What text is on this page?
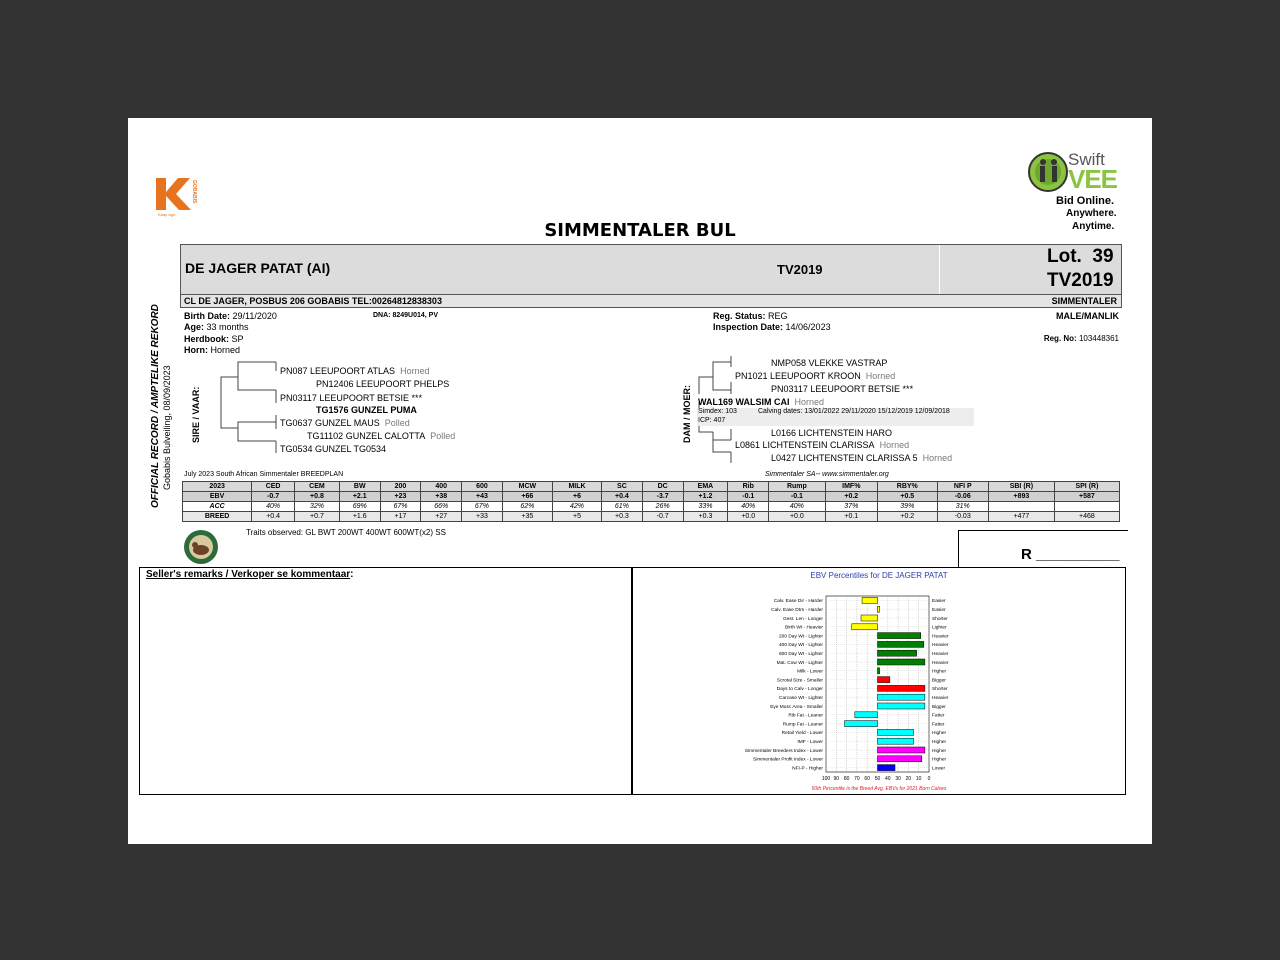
GOBABIS
Kaap Agri
Swift
VEE
Bid Online.
Anywhere.
Anytime.
SIMMENTALER BUL
OFFICIAL RECORD / AMPTELIKE REKORD Gobabis Bulveiling, 08/09/2023
DE JAGER PATAT (AI)	TV2019
Lot. 39
TV2019
CL DE JAGER, POSBUS 206 GOBABIS TEL:00264812838303	SIMMENTALER
Birth Date: 29/11/2020	DNA: 8249U014, PV
Age: 33 months
Herdbook: SP
Horn: Horned
Reg. Status: REG
Inspection Date: 14/06/2023
MALE/MANLIK
Reg. No: 103448361
SIRE / VAAR:	DAM / MOER:
PN087 LEEUPOORT ATLAS Horned
PN12406 LEEUPOORT PHELPS
PN03117 LEEUPOORT BETSIE ***
TG1576 GUNZEL PUMA
TG0637 GUNZEL MAUS Polled
TG11102 GUNZEL CALOTTA Polled
TG0534 GUNZEL TG0534
NMP058 VLEKKE VASTRAP
PN1021 LEEUPOORT KROON Horned
PN03117 LEEUPOORT BETSIE ***
WAL169 WALSIM CAI Horned
Simdex: 103	Calving dates: 13/01/2022 29/11/2020 15/12/2019 12/09/2018
ICP: 407
L0166 LICHTENSTEIN HARO
L0861 LICHTENSTEIN CLARISSA Horned
L0427 LICHTENSTEIN CLARISSA 5 Horned
July 2023 South African Simmentaler BREEDPLAN	Simmentaler SA-- www.simmentaler.org
2023	CED	CEM	BW	200	400	600	MCW	MILK	SC	DC	EMA	Rib	Rump	IMF%	RBY%	NFI P	SBI (R)	SPI (R)
EBV	-0.7	+0.8	+2.1	+23	+38	+43	+66	+6	+0.4	-3.7	+1.2	-0.1	-0.1	+0.2	+0.5	-0.06	+893	+587
ACC	40%	32%	69%	67%	66%	67%	62%	42%	61%	26%	33%	40%	40%	37%	39%	31%		
BREED	+0.4	+0.7	+1.6	+17	+27	+33	+35	+5	+0.3	-0.7	+0.3	+0.0	+0.0	+0.1	+0.2	-0.03	+477	+468
Traits observed: GL BWT 200WT 400WT 600WT(x2) SS
R __________
Seller's remarks / Verkoper se kommentaar:	EBV Percentiles for DE JAGER PATAT
100 90 80 70 60 50 40 30 20 10 0
Calv. Ease Dir - Harder	Easier
Calv. Ease Dtrs - Harder	Easier
Gest. Len - Longer	Shorter
Birth Wt - Heavier	Lighter
200 Day Wt - Lighter	Heavier
400 Day Wt - Lighter	Heavier
600 Day Wt - Lighter	Heavier
Mat. Cow Wt - Lighter	Heavier
Milk - Lower	Higher
Scrotal Size - Smaller	Bigger
Days to Calv - Longer	Shorter
Carcase Wt - Lighter	Heavier
Eye Musc Area - Smaller	Bigger
Rib Fat - Leaner	Fatter
Rump Fat - Leaner	Fatter
Retail Yield - Lower	Higher
IMF - Lower	Higher
Simmentaler Breeders Index - Lower	Higher
Simmentaler Profit Index - Lower	Higher
NFI-P - Higher	Lower
50th Percentile is the Breed Avg. EBVs for 2021 Born Calves
